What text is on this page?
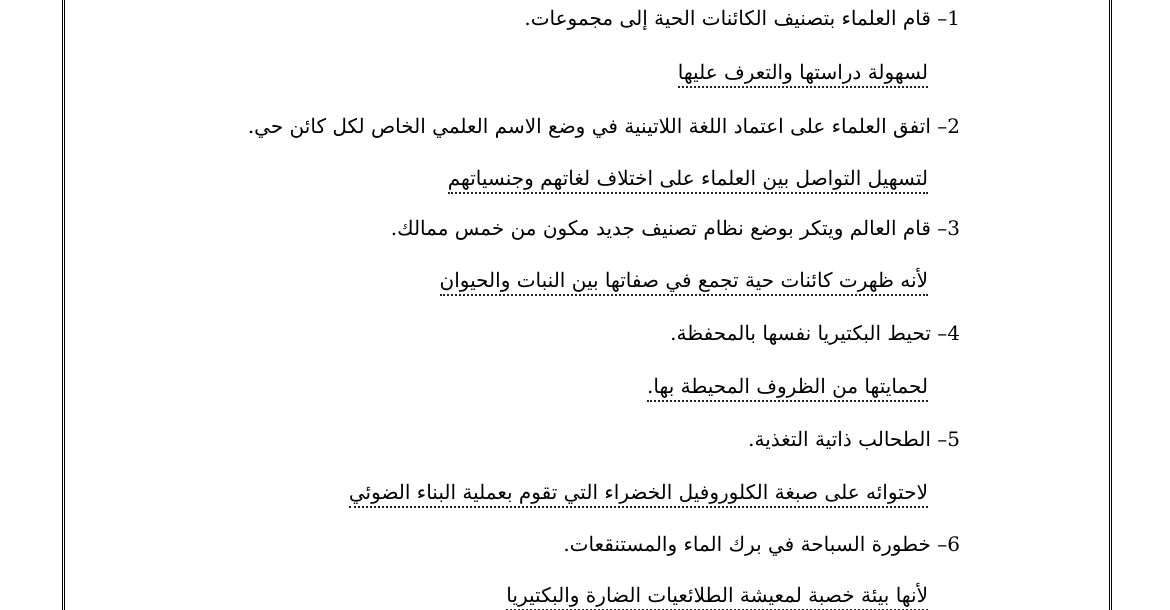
1– قام العلماء بتصنيف الكائنات الحية إلى مجموعات.
لسهولة دراستها والتعرف عليها
2– اتفق العلماء على اعتماد اللغة اللاتينية في وضع الاسم العلمي الخاص لكل كائن حي.
لتسهيل التواصل بين العلماء على اختلاف لغاتهم وجنسياتهم
3– قام العالم ويتكر بوضع نظام تصنيف جديد مكون من خمس ممالك.
لأنه ظهرت كائنات حية تجمع في صفاتها بين النبات والحيوان
4– تحيط البكتيريا نفسها بالمحفظة.
لحمايتها من الظروف المحيطة بها.
5– الطحالب ذاتية التغذية.
لاحتوائه على صبغة الكلوروفيل الخضراء التي تقوم بعملية البناء الضوئي
6– خطورة السباحة في برك الماء والمستنقعات.
لأنها بيئة خصبة لمعيشة الطلائعيات الضارة والبكتيريا
